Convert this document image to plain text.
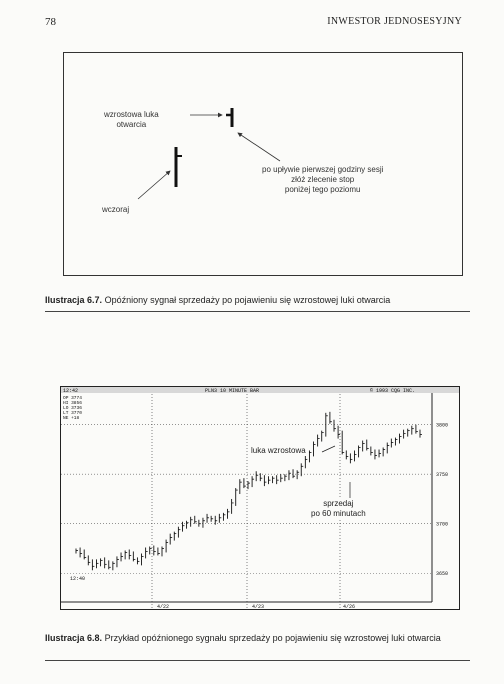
78	INWESTOR JEDNOSESYJNY
wzrostowa luka
otwarcia
wczoraj
po upływie pierwszej godziny sesji
złóż zlecenie stop
poniżej tego poziomu
Ilustracja 6.7. Opóźniony sygnał sprzedaży po pojawieniu się wzrostowej luki otwarcia
3650
3700
3750
3800
12:42	PLN3 10 MINUTE BAR	© 1993 CQG INC.
OP 3774
HI 3856
LO 3736
LT 3770
NE +18
12:40
4/22	4/23	4/26
luka wzrostowa
sprzedaj
po 60 minutach
Ilustracja 6.8. Przykład opóźnionego sygnału sprzedaży po pojawieniu się wzrostowej luki otwarcia
